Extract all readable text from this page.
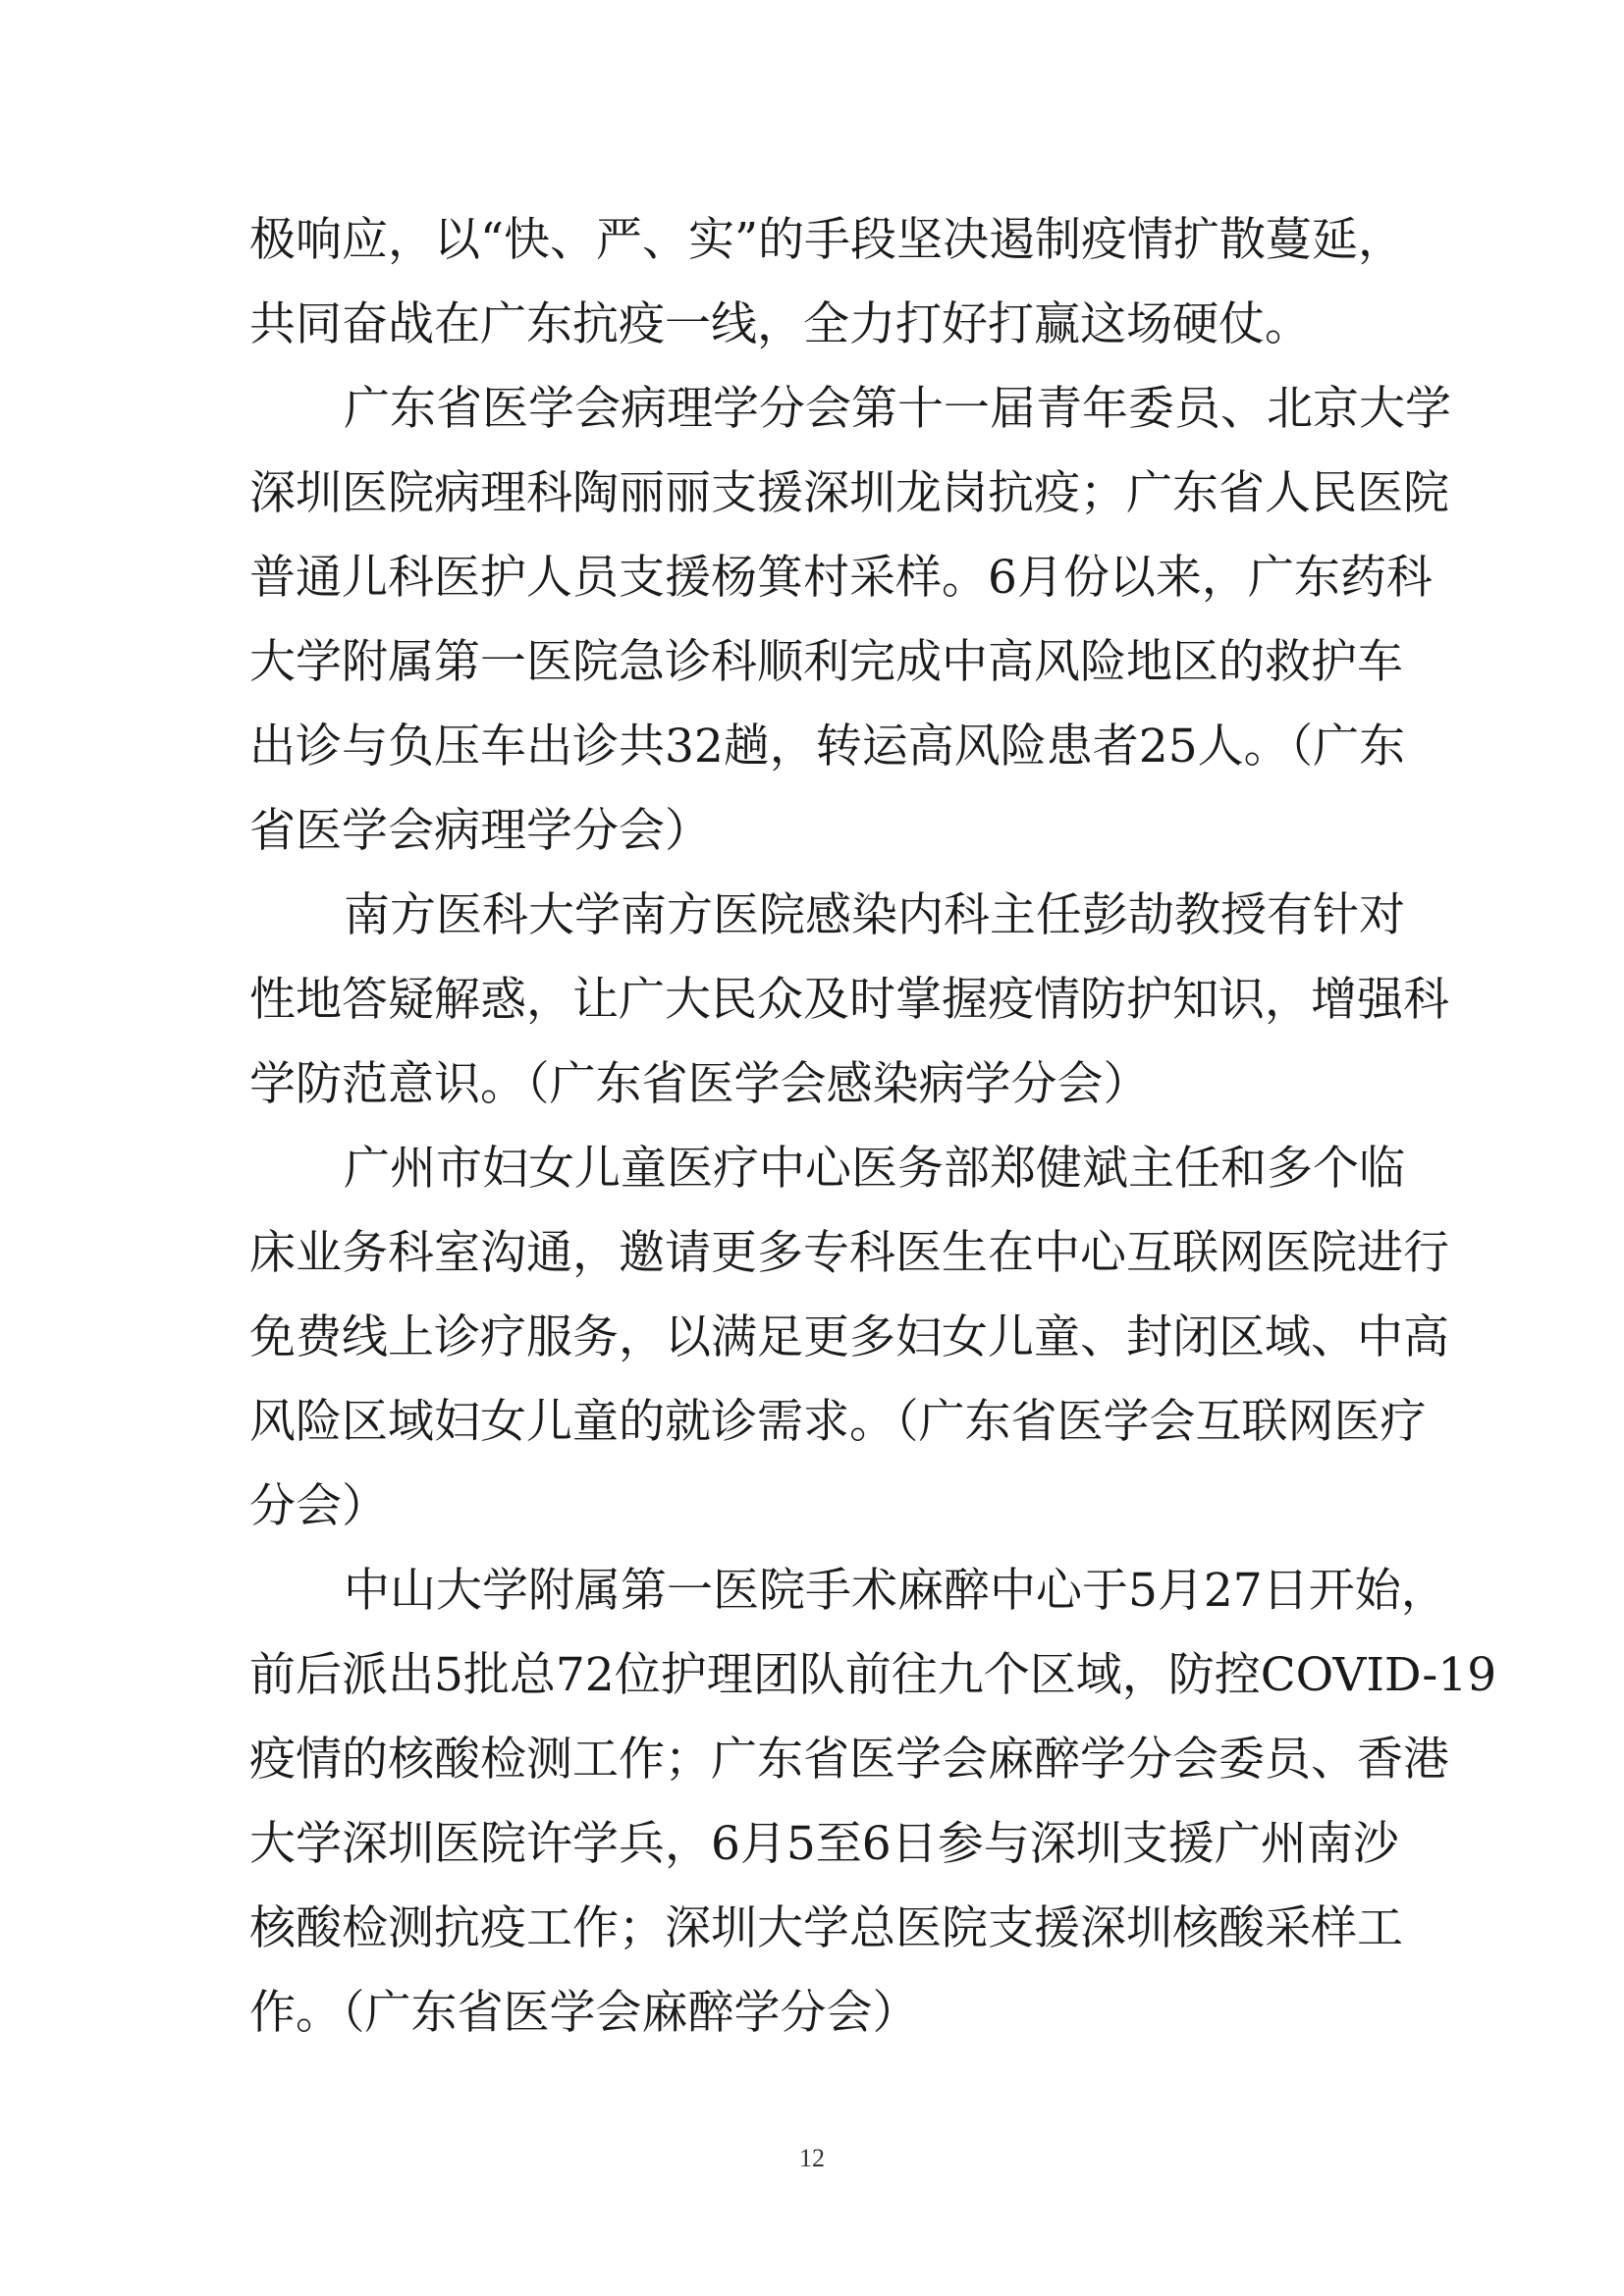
极响应，以“快、严、实”的手段坚决遏制疫情扩散蔓延，
共同奋战在广东抗疫一线，全力打好打赢这场硬仗。
广东省医学会病理学分会第十一届青年委员、北京大学
深圳医院病理科陶丽丽支援深圳龙岗抗疫；广东省人民医院
普通儿科医护人员支援杨箕村采样。6月份以来，广东药科
大学附属第一医院急诊科顺利完成中高风险地区的救护车
出诊与负压车出诊共32趟，转运高风险患者25人。（广东
省医学会病理学分会）
南方医科大学南方医院感染内科主任彭劼教授有针对
性地答疑解惑，让广大民众及时掌握疫情防护知识，增强科
学防范意识。（广东省医学会感染病学分会）
广州市妇女儿童医疗中心医务部郑健斌主任和多个临
床业务科室沟通，邀请更多专科医生在中心互联网医院进行
免费线上诊疗服务，以满足更多妇女儿童、封闭区域、中高
风险区域妇女儿童的就诊需求。（广东省医学会互联网医疗
分会）
中山大学附属第一医院手术麻醉中心于5月27日开始，
前后派出5批总72位护理团队前往九个区域，防控COVID-19
疫情的核酸检测工作；广东省医学会麻醉学分会委员、香港
大学深圳医院许学兵，6月5至6日参与深圳支援广州南沙
核酸检测抗疫工作；深圳大学总医院支援深圳核酸采样工
作。（广东省医学会麻醉学分会）
12
